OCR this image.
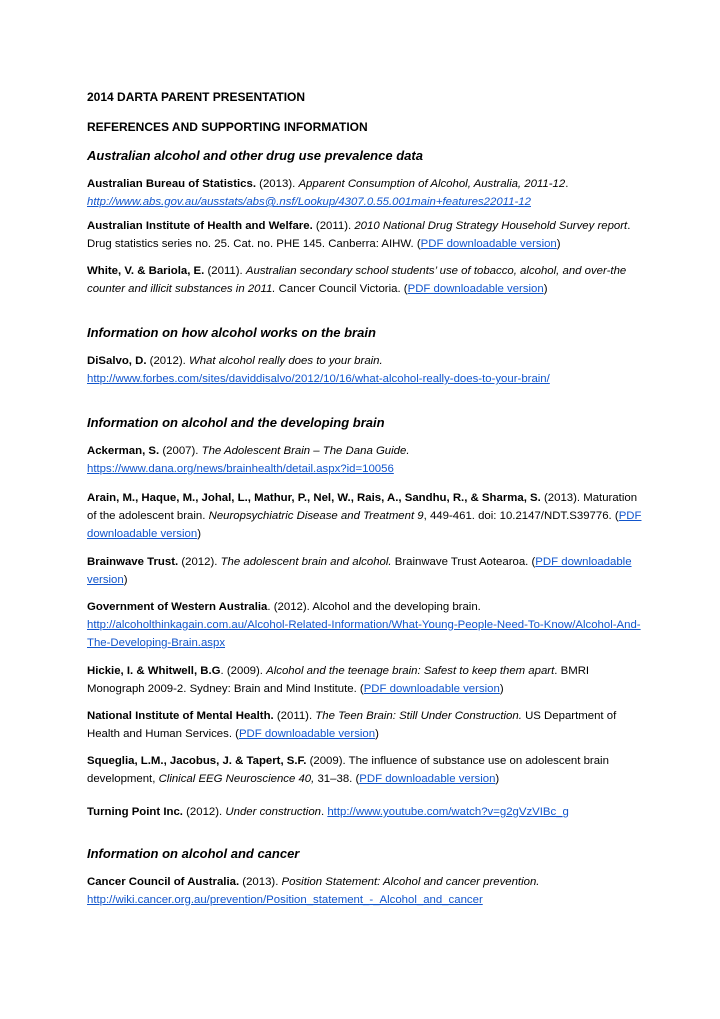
2014 DARTA PARENT PRESENTATION
REFERENCES AND SUPPORTING INFORMATION
Australian alcohol and other drug use prevalence data
Australian Bureau of Statistics. (2013). Apparent Consumption of Alcohol, Australia, 2011-12.
http://www.abs.gov.au/ausstats/abs@.nsf/Lookup/4307.0.55.001main+features22011-12
Australian Institute of Health and Welfare. (2011). 2010 National Drug Strategy Household Survey report. Drug statistics series no. 25. Cat. no. PHE 145. Canberra: AIHW. (PDF downloadable version)
White, V. & Bariola, E. (2011). Australian secondary school students’ use of tobacco, alcohol, and over-the counter and illicit substances in 2011. Cancer Council Victoria. (PDF downloadable version)
Information on how alcohol works on the brain
DiSalvo, D. (2012). What alcohol really does to your brain.
http://www.forbes.com/sites/daviddisalvo/2012/10/16/what-alcohol-really-does-to-your-brain/
Information on alcohol and the developing brain
Ackerman, S. (2007). The Adolescent Brain – The Dana Guide.
https://www.dana.org/news/brainhealth/detail.aspx?id=10056
Arain, M., Haque, M., Johal, L., Mathur, P., Nel, W., Rais, A., Sandhu, R., & Sharma, S. (2013). Maturation of the adolescent brain. Neuropsychiatric Disease and Treatment 9, 449-461. doi: 10.2147/NDT.S39776. (PDF downloadable version)
Brainwave Trust. (2012). The adolescent brain and alcohol. Brainwave Trust Aotearoa. (PDF downloadable version)
Government of Western Australia. (2012). Alcohol and the developing brain.
http://alcoholthinkagain.com.au/Alcohol-Related-Information/What-Young-People-Need-To-Know/Alcohol-And-The-Developing-Brain.aspx
Hickie, I. & Whitwell, B.G. (2009). Alcohol and the teenage brain: Safest to keep them apart. BMRI Monograph 2009-2. Sydney: Brain and Mind Institute. (PDF downloadable version)
National Institute of Mental Health. (2011). The Teen Brain: Still Under Construction. US Department of Health and Human Services. (PDF downloadable version)
Squeglia, L.M., Jacobus, J. & Tapert, S.F. (2009). The influence of substance use on adolescent brain development, Clinical EEG Neuroscience 40, 31–38. (PDF downloadable version)
Turning Point Inc. (2012). Under construction. http://www.youtube.com/watch?v=g2gVzVIBc_g
Information on alcohol and cancer
Cancer Council of Australia. (2013). Position Statement: Alcohol and cancer prevention.
http://wiki.cancer.org.au/prevention/Position_statement_-_Alcohol_and_cancer
